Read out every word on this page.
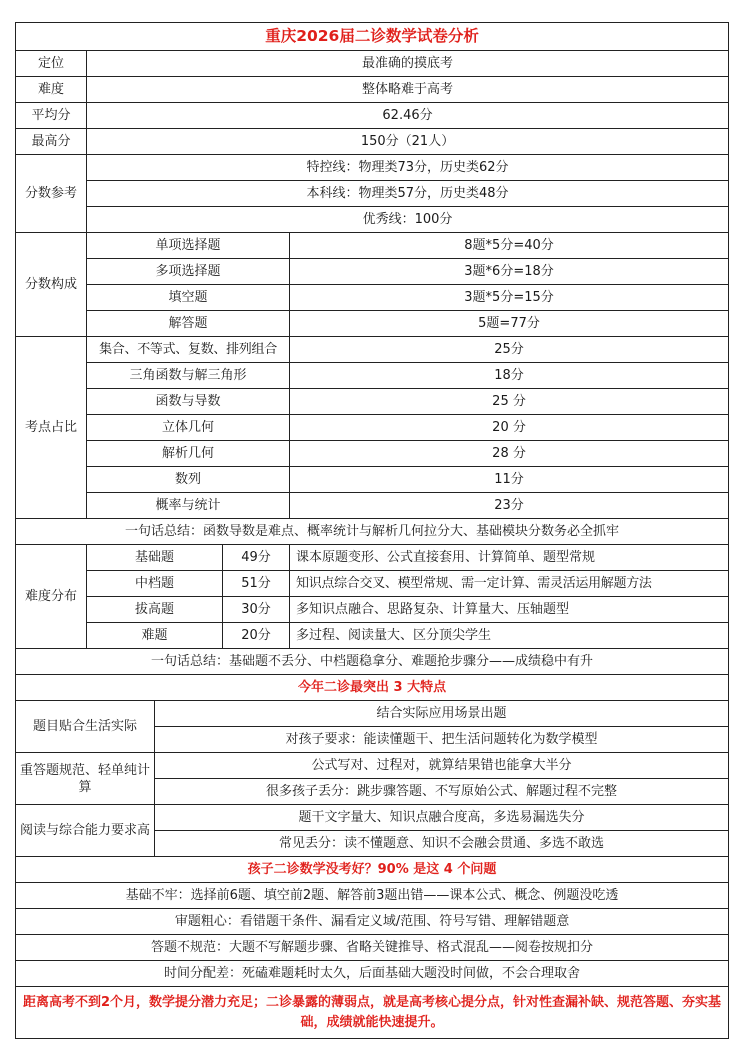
重庆2026届二诊数学试卷分析				
定位	最准确的摸底考			
难度	整体略难于高考			
平均分	62.46分			
最高分	150分（21人）			
分数参考	特控线：物理类73分，历史类62分			
	本科线：物理类57分，历史类48分			
	优秀线：100分			
分数构成	单项选择题			8题*5分=40分
	多项选择题			3题*6分=18分
	填空题			3题*5分=15分
	解答题			5题=77分
考点占比	集合、不等式、复数、排列组合			25分
	三角函数与解三角形			18分
	函数与导数			25 分
	立体几何			20 分
	解析几何			28 分
	数列			11分
	概率与统计			23分
一句话总结：函数导数是难点、概率统计与解析几何拉分大、基础模块分数务必全抓牢				
难度分布	基础题		49分	课本原题变形、公式直接套用、计算简单、题型常规
	中档题		51分	知识点综合交叉、模型常规、需一定计算、需灵活运用解题方法
	拔高题		30分	多知识点融合、思路复杂、计算量大、压轴题型
	难题		20分	多过程、阅读量大、区分顶尖学生
一句话总结：基础题不丢分、中档题稳拿分、难题抢步骤分——成绩稳中有升				
今年二诊最突出 3 大特点				
题目贴合生活实际		结合实际应用场景出题		
		对孩子要求：能读懂题干、把生活问题转化为数学模型		
重答题规范、轻单纯计算		公式写对、过程对，就算结果错也能拿大半分		
		很多孩子丢分：跳步骤答题、不写原始公式、解题过程不完整		
阅读与综合能力要求高		题干文字量大、知识点融合度高，多选易漏选失分		
		常见丢分：读不懂题意、知识不会融会贯通、多选不敢选		
孩子二诊数学没考好？90% 是这 4 个问题				
基础不牢：选择前6题、填空前2题、解答前3题出错——课本公式、概念、例题没吃透				
审题粗心：看错题干条件、漏看定义域/范围、符号写错、理解错题意				
答题不规范：大题不写解题步骤、省略关键推导、格式混乱——阅卷按规扣分				
时间分配差：死磕难题耗时太久，后面基础大题没时间做，不会合理取舍				
距离高考不到2个月，数学提分潜力充足；二诊暴露的薄弱点，就是高考核心提分点，针对性查漏补缺、规范答题、夯实基础，成绩就能快速提升。				
